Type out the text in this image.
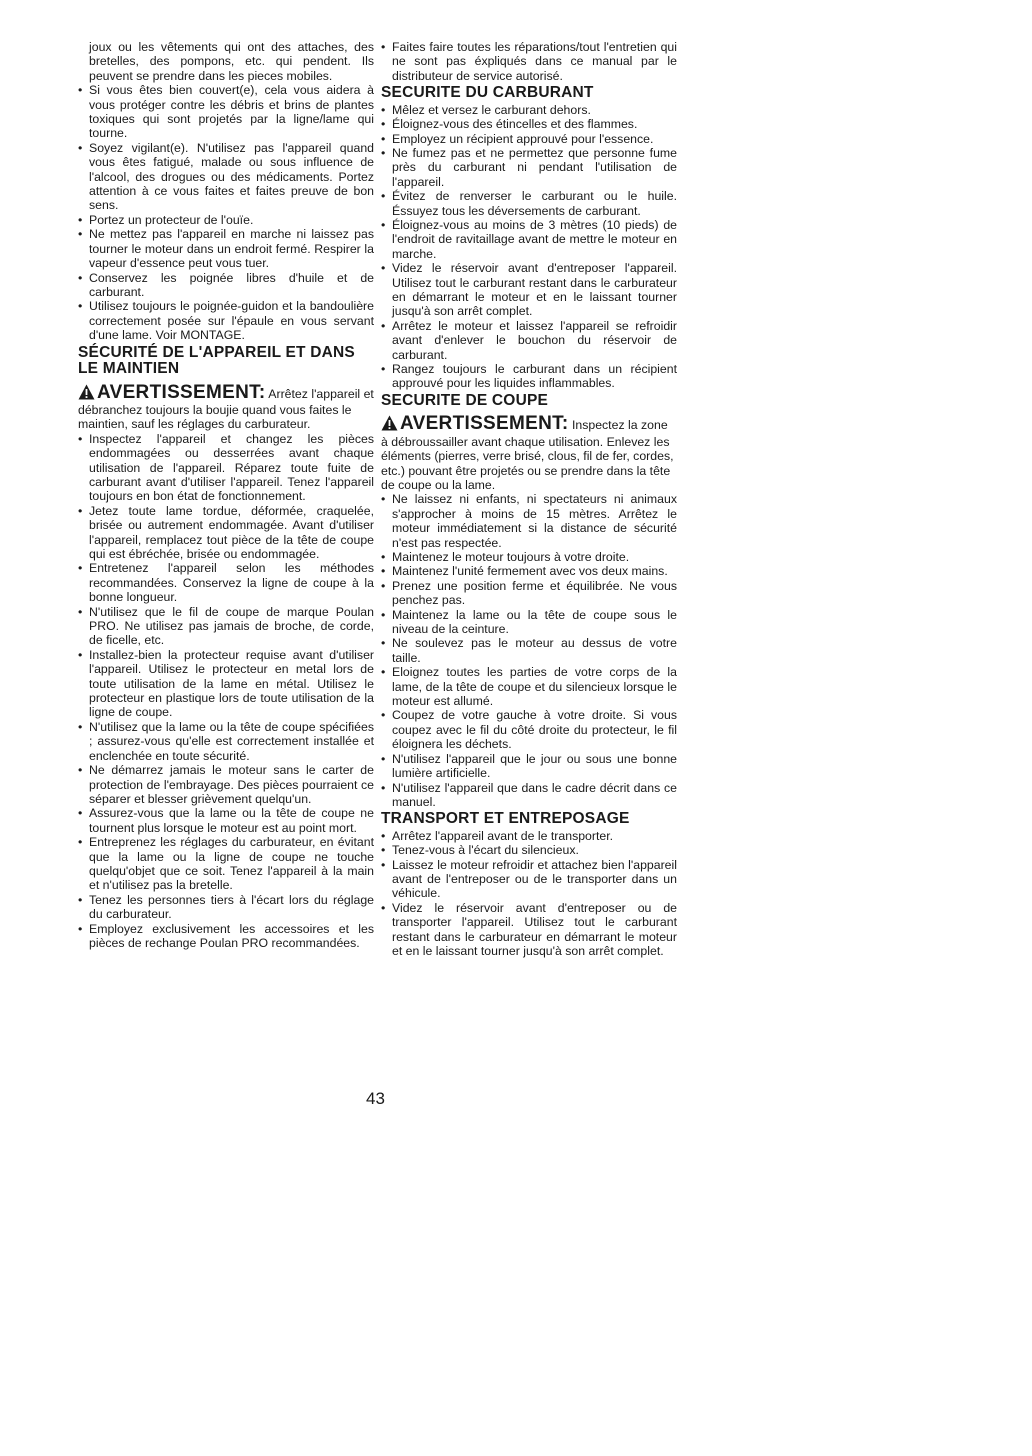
joux ou les vêtements qui ont des attaches, des bretelles, des pompons, etc. qui pendent. Ils peuvent se prendre dans les pieces mobiles.

• Si vous êtes bien couvert(e), cela vous aidera à vous protéger contre les débris et brins de plantes toxiques qui sont projetés par la ligne/lame qui tourne.
• Soyez vigilant(e). N'utilisez pas l'appareil quand vous êtes fatigué, malade ou sous influence de l'alcool, des drogues ou des médicaments. Portez attention à ce vous faites et faites preuve de bon sens.
• Portez un protecteur de l'ouïe.
• Ne mettez pas l'appareil en marche ni laissez pas tourner le moteur dans un endroit fermé. Respirer la vapeur d'essence peut vous tuer.
• Conservez les poignée libres d'huile et de carburant.
• Utilisez toujours le poignée-guidon et la bandoulière correctement posée sur l'épaule en vous servant d'une lame. Voir MONTAGE.
SÉCURITÉ DE L'APPAREIL ET DANS LE MAINTIEN
AVERTISSEMENT: Arrêtez l'appareil et débranchez toujours la boujie quand vous faites le maintien, sauf les réglages du carburateur.
• Inspectez l'appareil et changez les pièces endommagées ou desserrées avant chaque utilisation de l'appareil. Réparez toute fuite de carburant avant d'utiliser l'appareil. Tenez l'appareil toujours en bon état de fonctionnement.
• Jetez toute lame tordue, déformée, craquelée, brisée ou autrement endommagée. Avant d'utiliser l'appareil, remplacez tout pièce de la tête de coupe qui est ébréchée, brisée ou endommagée.
• Entretenez l'appareil selon les méthodes recommandées. Conservez la ligne de coupe à la bonne longueur.
• N'utilisez que le fil de coupe de marque Poulan PRO. Ne utilisez pas jamais de broche, de corde, de ficelle, etc.
• Installez-bien la protecteur requise avant d'utiliser l'appareil. Utilisez le protecteur en metal lors de toute utilisation de la lame en métal. Utilisez le protecteur en plastique lors de toute utilisation de la ligne de coupe.
• N'utilisez que la lame ou la tête de coupe spécifiées ; assurez-vous qu'elle est correctement installée et enclenchée en toute sécurité.
• Ne démarrez jamais le moteur sans le carter de protection de l'embrayage. Des pièces pourraient ce séparer et blesser grièvement quelqu'un.
• Assurez-vous que la lame ou la tête de coupe ne tournent plus lorsque le moteur est au point mort.
• Entreprenez les réglages du carburateur, en évitant que la lame ou la ligne de coupe ne touche quelqu'objet que ce soit. Tenez l'appareil à la main et n'utilisez pas la bretelle.
• Tenez les personnes tiers à l'écart lors du réglage du carburateur.
• Employez exclusivement les accessoires et les pièces de rechange Poulan PRO recommandées.
• Faites faire toutes les réparations/tout l'entretien qui ne sont pas éxpliqués dans ce manual par le distributeur de service autorisé.
SECURITE DU CARBURANT
• Mêlez et versez le carburant dehors.
• Éloignez-vous des étincelles et des flammes.
• Employez un récipient approuvé pour l'essence.
• Ne fumez pas et ne permettez que personne fume près du carburant ni pendant l'utilisation de l'appareil.
• Évitez de renverser le carburant ou le huile. Éssuyez tous les déversements de carburant.
• Éloignez-vous au moins de 3 mètres (10 pieds) de l'endroit de ravitaillage avant de mettre le moteur en marche.
• Videz le réservoir avant d'entreposer l'appareil. Utilisez tout le carburant restant dans le carburateur en démarrant le moteur et en le laissant tourner jusqu'à son arrêt complet.
• Arrêtez le moteur et laissez l'appareil se refroidir avant d'enlever le bouchon du réservoir de carburant.
• Rangez toujours le carburant dans un récipient approuvé pour les liquides inflammables.
SECURITE DE COUPE
AVERTISSEMENT: Inspectez la zone à débroussailler avant chaque utilisation. Enlevez les éléments (pierres, verre brisé, clous, fil de fer, cordes, etc.) pouvant être projetés ou se prendre dans la tête de coupe ou la lame.
• Ne laissez ni enfants, ni spectateurs ni animaux s'approcher à moins de 15 mètres. Arrêtez le moteur immédiatement si la distance de sécurité n'est pas respectée.
• Maintenez le moteur toujours à votre droite.
• Maintenez l'unité fermement avec vos deux mains.
• Prenez une position ferme et équilibrée. Ne vous penchez pas.
• Maintenez la lame ou la tête de coupe sous le niveau de la ceinture.
• Ne soulevez pas le moteur au dessus de votre taille.
• Eloignez toutes les parties de votre corps de la lame, de la tête de coupe et du silencieux lorsque le moteur est allumé.
• Coupez de votre gauche à votre droite. Si vous coupez avec le fil du côté droite du protecteur, le fil éloignera les déchets.
• N'utilisez l'appareil que le jour ou sous une bonne lumière artificielle.
• N'utilisez l'appareil que dans le cadre décrit dans ce manuel.
TRANSPORT ET ENTREPOSAGE
• Arrêtez l'appareil avant de le transporter.
• Tenez-vous à l'écart du silencieux.
• Laissez le moteur refroidir et attachez bien l'appareil avant de l'entreposer ou de le transporter dans un véhicule.
• Videz le réservoir avant d'entreposer ou de transporter l'appareil. Utilisez tout le carburant restant dans le carburateur en démarrant le moteur et en le laissant tourner jusqu'à son arrêt complet.
43
